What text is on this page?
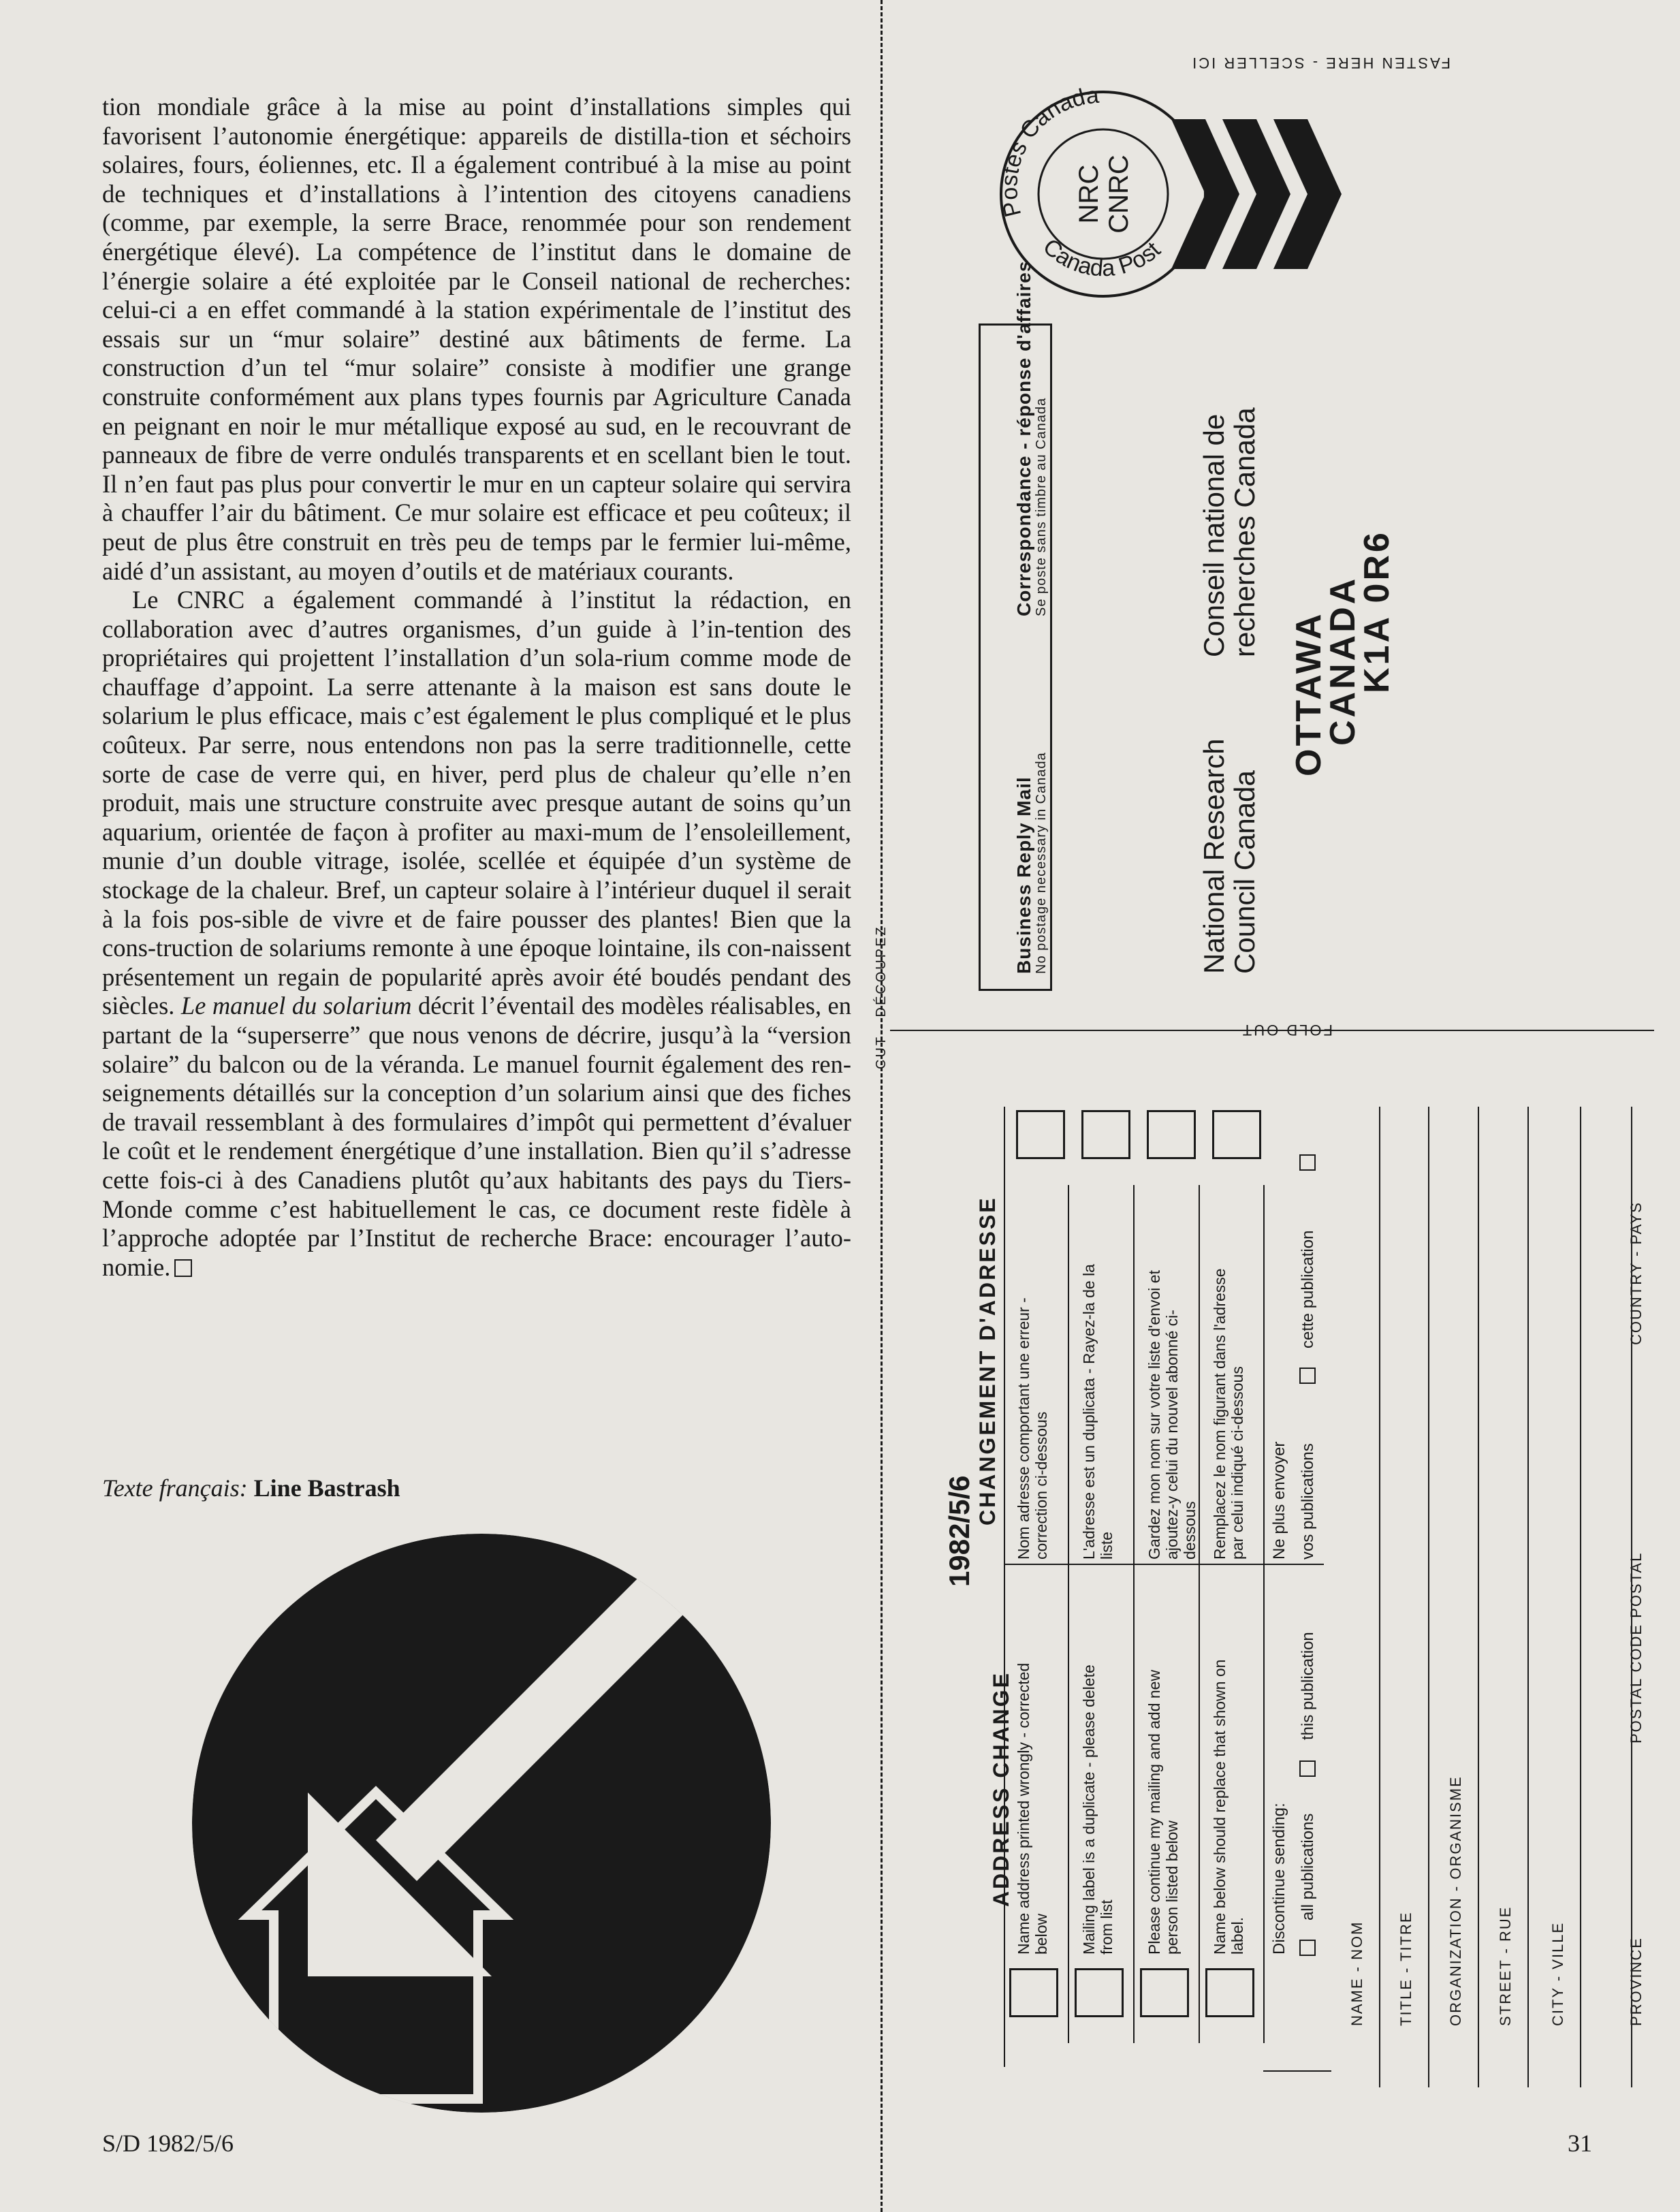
tion mondiale grâce à la mise au point d’installations simples qui favorisent l’autonomie énergétique: appareils de distilla-tion et séchoirs solaires, fours, éoliennes, etc. Il a également contribué à la mise au point de techniques et d’installations à l’intention des citoyens canadiens (comme, par exemple, la serre Brace, renommée pour son rendement énergétique élevé). La compétence de l’institut dans le domaine de l’énergie solaire a été exploitée par le Conseil national de recherches: celui-ci a en effet commandé à la station expérimentale de l’institut des essais sur un “mur solaire” destiné aux bâtiments de ferme. La construction d’un tel “mur solaire” consiste à modifier une grange construite conformément aux plans types fournis par Agriculture Canada en peignant en noir le mur métallique exposé au sud, en le recouvrant de panneaux de fibre de verre ondulés transparents et en scellant bien le tout. Il n’en faut pas plus pour convertir le mur en un capteur solaire qui servira à chauffer l’air du bâtiment. Ce mur solaire est efficace et peu coûteux; il peut de plus être construit en très peu de temps par le fermier lui-même, aidé d’un assistant, au moyen d’outils et de matériaux courants.

Le CNRC a également commandé à l’institut la rédaction, en collaboration avec d’autres organismes, d’un guide à l’in-tention des propriétaires qui projettent l’installation d’un sola-rium comme mode de chauffage d’appoint. La serre attenante à la maison est sans doute le solarium le plus efficace, mais c’est également le plus compliqué et le plus coûteux. Par serre, nous entendons non pas la serre traditionnelle, cette sorte de case de verre qui, en hiver, perd plus de chaleur qu’elle n’en produit, mais une structure construite avec presque autant de soins qu’un aquarium, orientée de façon à profiter au maxi-mum de l’ensoleillement, munie d’un double vitrage, isolée, scellée et équipée d’un système de stockage de la chaleur. Bref, un capteur solaire à l’intérieur duquel il serait à la fois pos-sible de vivre et de faire pousser des plantes! Bien que la cons-truction de solariums remonte à une époque lointaine, ils con-naissent présentement un regain de popularité après avoir été boudés pendant des siècles. Le manuel du solarium décrit l’éventail des modèles réalisables, en partant de la “superserre” que nous venons de décrire, jusqu’à la “version solaire” du balcon ou de la véranda. Le manuel fournit également des ren-seignements détaillés sur la conception d’un solarium ainsi que des fiches de travail ressemblant à des formulaires d’impôt qui permettent d’évaluer le coût et le rendement énergétique d’une installation. Bien qu’il s’adresse cette fois-ci à des Canadiens plutôt qu’aux habitants des pays du Tiers-Monde comme c’est habituellement le cas, ce document reste fidèle à l’approche adoptée par l’Institut de recherche Brace: encourager l’auto-nomie.

Texte français: Line Bastrash
S/D 1982/5/6	31
CUT - DÉCOUPEZ
FASTEN HERE - SCELLER ICI
Postes Canada
Canada Post
NRC CNRC
Business Reply Mail No postage necessary in Canada
Correspondance - réponse d'affaires Se poste sans timbre au Canada
National Research
Council Canada
Conseil national de
recherches Canada
OTTAWA
CANADA
K1A 0R6
FOLD OUT
ADDRESS CHANGE
1982/5/6
CHANGEMENT D'ADRESSE
Name address printed wrongly - corrected below Mailing label is a duplicate - please delete from list Please continue my mailing and add new person listed below Name below should replace that shown on label.
Nom adresse comportant une erreur - correction ci-dessous L'adresse est un duplicata - Rayez-la de la liste Gardez mon nom sur votre liste d'envoi et ajoutez-y celui du nouvel abonné ci-dessous Remplacez le nom figurant dans l'adresse par celui indiqué ci-dessous
Discontinue sending: all publications
this publication
Ne plus envoyer vos publications
cette publication
NAME - NOM TITLE - TITRE ORGANIZATION - ORGANISME STREET - RUE CITY - VILLE	PROVINCE
POSTAL CODE POSTAL
COUNTRY - PAYS
